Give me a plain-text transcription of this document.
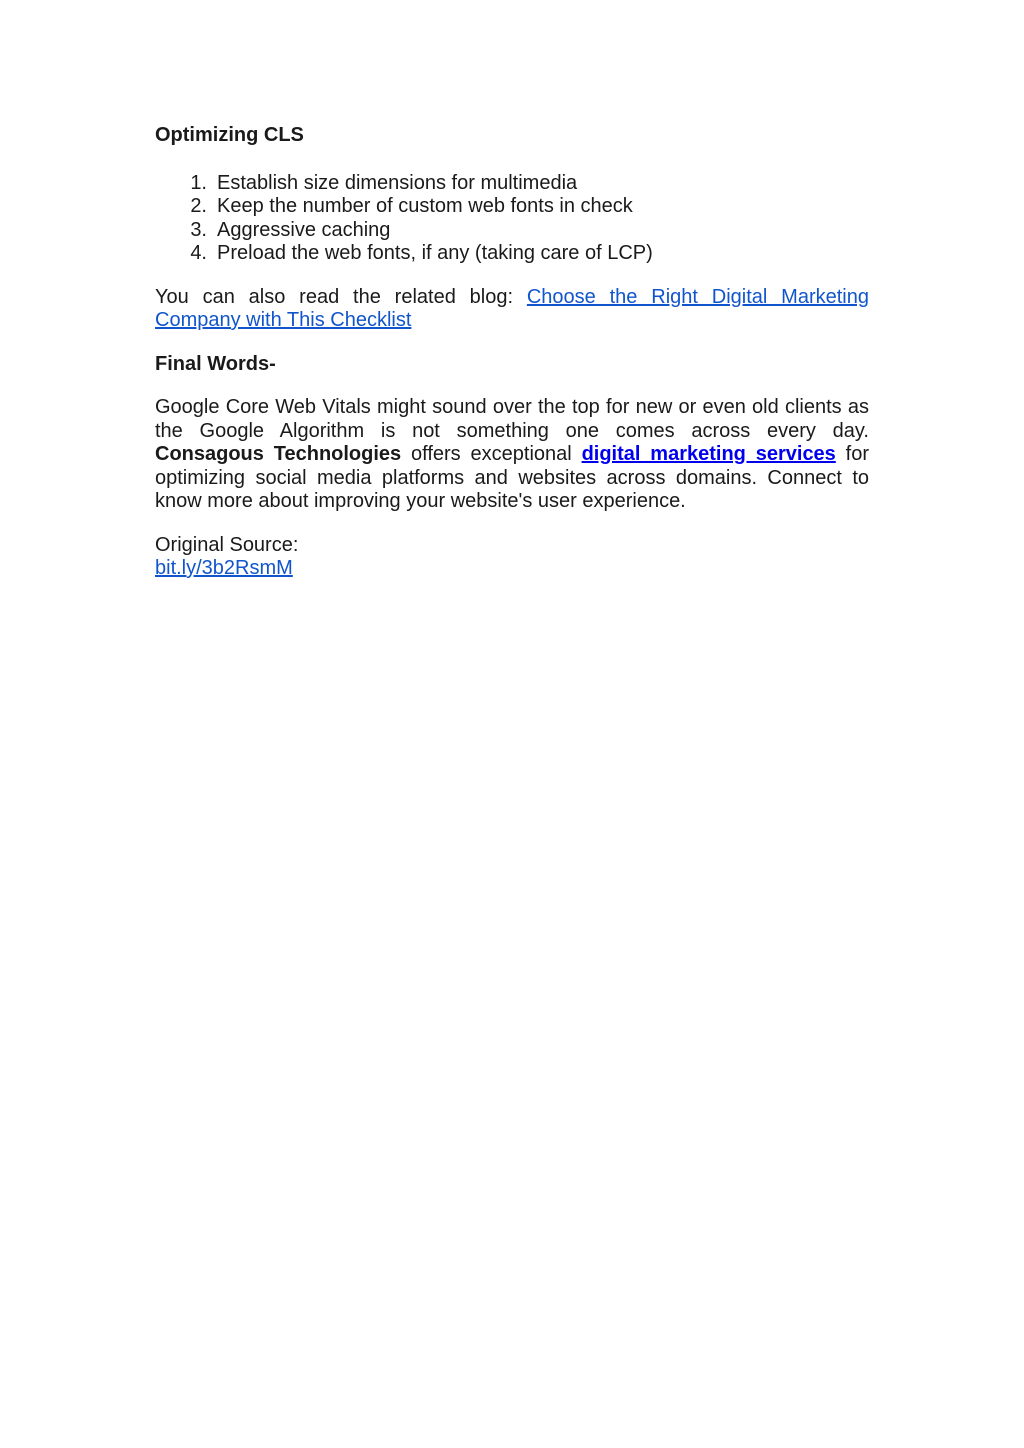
Optimizing CLS

1. Establish size dimensions for multimedia
2. Keep the number of custom web fonts in check
3. Aggressive caching
4. Preload the web fonts, if any (taking care of LCP)

You can also read the related blog: Choose the Right Digital Marketing Company with This Checklist

Final Words-

Google Core Web Vitals might sound over the top for new or even old clients as the Google Algorithm is not something one comes across every day. Consagous Technologies offers exceptional digital marketing services for optimizing social media platforms and websites across domains. Connect to know more about improving your website's user experience.

Original Source:
bit.ly/3b2RsmM
